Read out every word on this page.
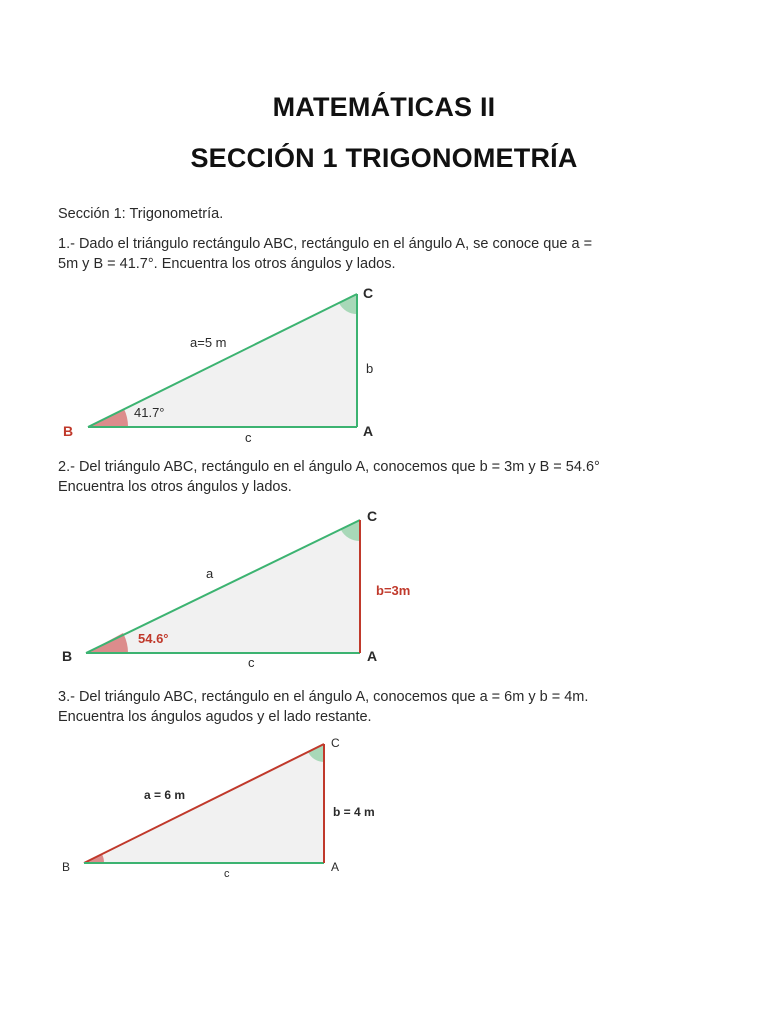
MATEMÁTICAS II
SECCIÓN 1 TRIGONOMETRÍA
Sección 1: Trigonometría.
1.- Dado el triángulo rectángulo ABC, rectángulo en el ángulo A, se conoce que a =
5m y B = 41.7°. Encuentra los otros ángulos y lados.
B	A
C
a=5 m
b
c
41.7°
2.- Del triángulo ABC, rectángulo en el ángulo A, conocemos que b = 3m y B = 54.6°
Encuentra los otros ángulos y lados.
B	A
C
a
b=3m
c
54.6°
3.- Del triángulo ABC, rectángulo en el ángulo A, conocemos que a = 6m y b = 4m.
Encuentra los ángulos agudos y el lado restante.
B	A
C
a = 6 m
b = 4 m
c
